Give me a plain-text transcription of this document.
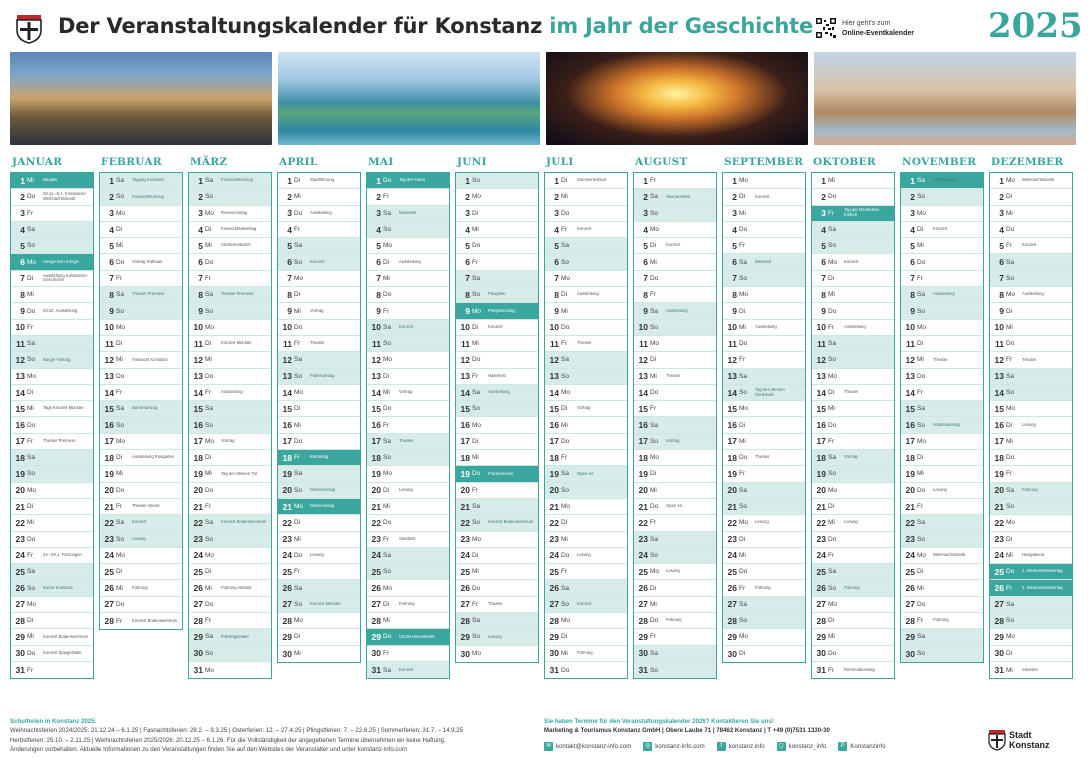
Der Veranstaltungskalender für Konstanz im Jahr der Geschichte	Hier geht's zum
Online-Eventkalender 2025
JANUAR
1 Mi	Neujahr
2 Do	28.11.–6.1. Konstanzer Weihnachtsmarkt
3 Fr
4 Sa
5 So
6 Mo	Heilige Drei Könige
7 Di	Ausstellung Konstanzer Geschichte
8 Mi
9 Do	03.02. Ausstellung
10 Fr
11 Sa
12 So	Bürger-Vortrag
13 Mo
14 Di
15 Mi	Tags Konzert Münster
16 Do
17 Fr	Theater Premiere
18 Sa
19 So
20 Mo
21 Di
22 Mi
23 Do
24 Fr	24.–28.1. Führungen
25 Sa
26 So	Konzil Konstanz
27 Mo
28 Di
29 Mi	Konzert Bodenseeforum
30 Do	Konzert Spiegelhalle
31 Fr
FEBRUAR
1 Sa	Tagung Konstanz
2 So	Fasnachtsumzug
3 Mo
4 Di
5 Mi
6 Do	Vortrag Rathaus
7 Fr
8 Sa	Theater Premiere
9 So
10 Mo
11 Di
12 Mi	Fasnacht Konstanz
13 Do
14 Fr
15 Sa	Narrenumzug
16 So
17 Mo
18 Di	Ausstellung Rosgarten
19 Mi
20 Do
21 Fr	Theater Abend
22 Sa	Konzert
23 So	Lesung
24 Mo
25 Di
26 Mi	Führung
27 Do
28 Fr	Konzert Bodenseeforum
MÄRZ
1 Sa	Fasnachtsumzug
2 So
3 Mo	Rosenmontag
4 Di	Fasnachtsdienstag
5 Mi	Aschermittwoch
6 Do
7 Fr
8 Sa	Theater Premiere
9 So
10 Mo
11 Di	Konzert Münster
12 Mi
13 Do
14 Fr	Ausstellung
15 Sa
16 So
17 Mo	Vortrag
18 Di
19 Mi	Tag der offenen Tür
20 Do
21 Fr
22 Sa	Konzert Bodenseeforum
23 So
24 Mo
25 Di
26 Mi	Führung Altstadt
27 Do
28 Fr
29 Sa	Frühlingsmarkt
30 So
31 Mo
APRIL
1 Di	Stadtführung
2 Mi
3 Do	Ausstellung
4 Fr
5 Sa
6 So	Konzert
7 Mo
8 Di
9 Mi	Vortrag
10 Do
11 Fr	Theater
12 Sa
13 So	Palmsonntag
14 Mo
15 Di
16 Mi
17 Do
18 Fr	Karfreitag
19 Sa
20 So	Ostersonntag
21 Mo	Ostermontag
22 Di
23 Mi
24 Do	Lesung
25 Fr
26 Sa
27 So	Konzert Münster
28 Mo
29 Di
30 Mi
MAI
1 Do	Tag der Arbeit
2 Fr
3 Sa	Maimarkt
4 So
5 Mo
6 Di	Ausstellung
7 Mi
8 Do
9 Fr
10 Sa	Konzert
11 So
12 Mo
13 Di
14 Mi	Vortrag
15 Do
16 Fr
17 Sa	Theater
18 So
19 Mo
20 Di	Lesung
21 Mi
22 Do
23 Fr	Stadtfest
24 Sa
25 So
26 Mo
27 Di	Führung
28 Mi
29 Do	Christi Himmelfahrt
30 Fr
31 Sa	Konzert
JUNI
1 So
2 Mo
3 Di
4 Mi
5 Do
6 Fr
7 Sa
8 So	Pfingsten
9 Mo	Pfingstmontag
10 Di	Konzert
11 Mi
12 Do
13 Fr	Hafenfest
14 Sa	Ausstellung
15 So
16 Mo
17 Di
18 Mi
19 Do	Fronleichnam
20 Fr
21 Sa
22 So	Konzert Bodenseeforum
23 Mo
24 Di
25 Mi
26 Do
27 Fr	Theater
28 Sa
29 So	Lesung
30 Mo
JULI
1 Di	Sommerfestival
2 Mi
3 Do
4 Fr	Konzert
5 Sa
6 So
7 Mo
8 Di	Ausstellung
9 Mi
10 Do
11 Fr	Theater
12 Sa
13 So
14 Mo
15 Di	Vortrag
16 Mi
17 Do
18 Fr
19 Sa	Open Air
20 So
21 Mo
22 Di
23 Mi
24 Do	Lesung
25 Fr
26 Sa
27 So	Konzert
28 Mo
29 Di
30 Mi	Führung
31 Do
AUGUST
1 Fr
2 Sa	Seenachtfest
3 So
4 Mo
5 Di	Konzert
6 Mi
7 Do
8 Fr
9 Sa	Ausstellung
10 So
11 Mo
12 Di
13 Mi	Theater
14 Do
15 Fr
16 Sa
17 So	Vortrag
18 Mo
19 Di
20 Mi
21 Do	Open Air
22 Fr
23 Sa
24 So
25 Mo	Lesung
26 Di
27 Mi
28 Do	Führung
29 Fr
30 Sa
31 So
SEPTEMBER
1 Mo
2 Di	Konzert
3 Mi
4 Do
5 Fr
6 Sa	Weinfest
7 So
8 Mo
9 Di
10 Mi	Ausstellung
11 Do
12 Fr
13 Sa
14 So	Tag des offenen Denkmals
15 Mo
16 Di
17 Mi
18 Do	Theater
19 Fr
20 Sa
21 So
22 Mo	Lesung
23 Di
24 Mi
25 Do
26 Fr	Führung
27 Sa
28 So
29 Mo
30 Di
OKTOBER
1 Mi
2 Do
3 Fr	Tag der Deutschen Einheit
4 Sa
5 So
6 Mo	Konzert
7 Di
8 Mi
9 Do
10 Fr	Ausstellung
11 Sa
12 So
13 Mo
14 Di	Theater
15 Mi
16 Do
17 Fr
18 Sa	Vortrag
19 So
20 Mo
21 Di
22 Mi	Lesung
23 Do
24 Fr
25 Sa
26 So	Führung
27 Mo
28 Di
29 Mi
30 Do
31 Fr	Reformationstag
NOVEMBER
1 Sa	Allerheiligen
2 So
3 Mo
4 Di	Konzert
5 Mi
6 Do
7 Fr
8 Sa	Ausstellung
9 So
10 Mo
11 Di
12 Mi	Theater
13 Do
14 Fr
15 Sa
16 So	Volkstrauertag
17 Mo
18 Di
19 Mi
20 Do	Lesung
21 Fr
22 Sa
23 So
24 Mo	Weihnachtsmarkt
25 Di
26 Mi
27 Do
28 Fr	Führung
29 Sa
30 So
DEZEMBER
1 Mo	Weihnachtsmarkt
2 Di
3 Mi
4 Do
5 Fr	Konzert
6 Sa
7 So
8 Mo	Ausstellung
9 Di
10 Mi
11 Do
12 Fr	Theater
13 Sa
14 So
15 Mo
16 Di	Lesung
17 Mi
18 Do
19 Fr
20 Sa	Führung
21 So
22 Mo
23 Di
24 Mi	Heiligabend
25 Do	1. Weihnachtsfeiertag
26 Fr	2. Weihnachtsfeiertag
27 Sa
28 So
29 Mo
30 Di
31 Mi	Silvester
Schulferien in Konstanz 2025:
Weihnachtsferien 2024/2025: 21.12.24 – 6.1.25 | Fasnachtsferien: 28.2. – 9.3.25 | Osterferien: 12. – 27.4.25 | Pfingstferien: 7. – 22.6.25 | Sommerferien: 31.7. – 14.9.25
Herbstferien: 25.10. – 2.11.25 | Weihnachtsferien 2025/2026: 20.12.25 – 6.1.26. Für die Vollständigkeit der angegebenen Termine übernehmen wir keine Haftung.
Änderungen vorbehalten. Aktuelle Informationen zu den Veranstaltungen finden Sie auf den Websites der Veranstalter und unter konstanz-info.com
Sie haben Termine für den Veranstaltungskalender 2026? Kontaktieren Sie uns!
Marketing & Tourismus Konstanz GmbH | Obere Laube 71 | 78462 Konstanz | T +49 (0)7531 1330-30
✉ kontakt@konstanz-info.com	◎ konstanz-info.com	f	konstanz.info	◻ konstanz_info	P Konstanzinfo
Stadt
Konstanz
